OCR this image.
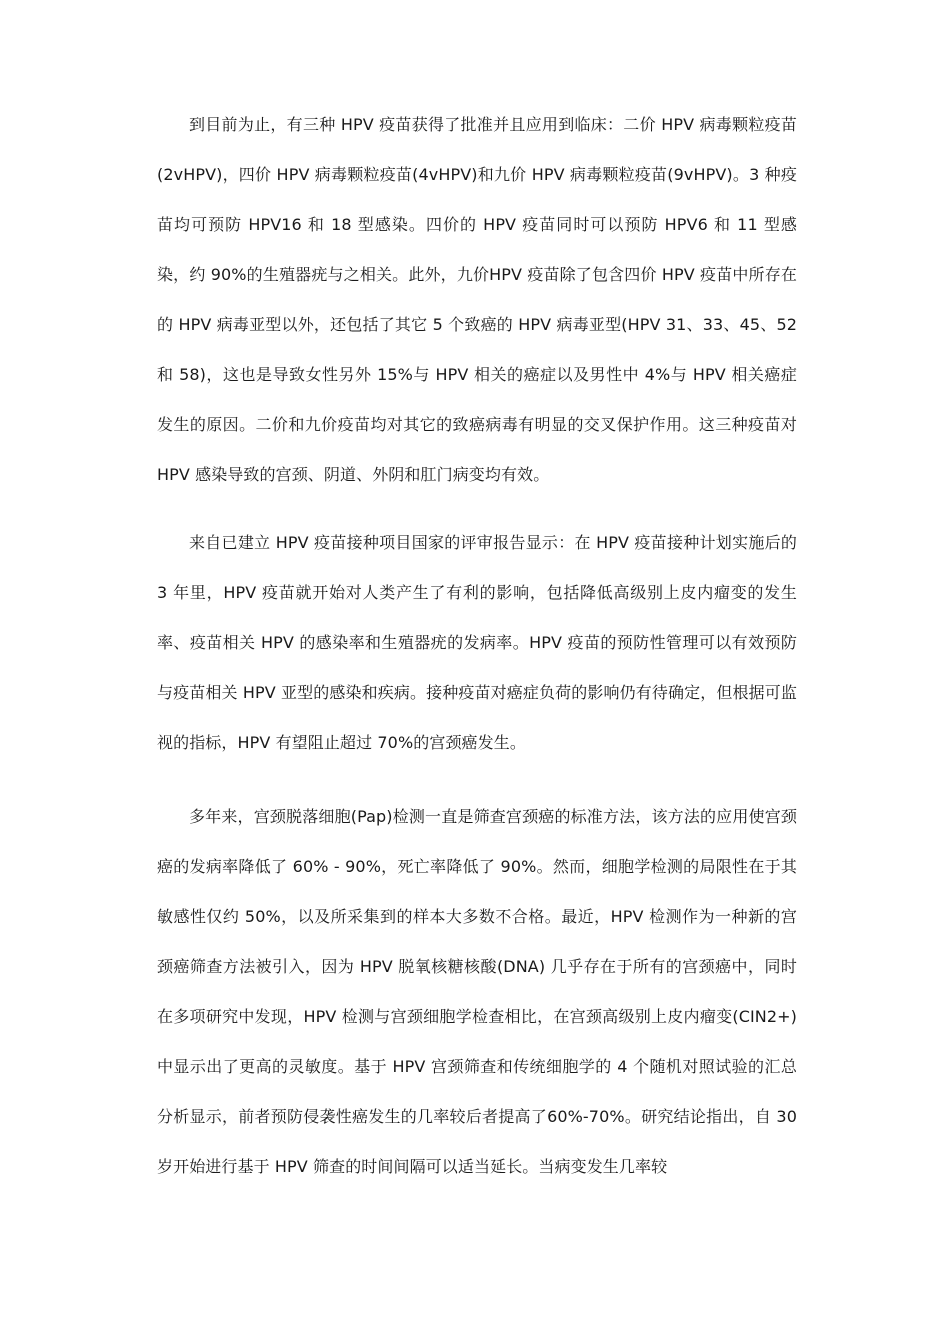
到目前为止，有三种 HPV 疫苗获得了批准并且应用到临床：二价 HPV 病毒颗粒疫苗(2vHPV)，四价 HPV 病毒颗粒疫苗(4vHPV)和九价 HPV 病毒颗粒疫苗(9vHPV)。3 种疫苗均可预防 HPV16 和 18 型感染。四价的 HPV 疫苗同时可以预防 HPV6 和 11 型感染，约 90%的生殖器疣与之相关。此外，九价HPV 疫苗除了包含四价 HPV 疫苗中所存在的 HPV 病毒亚型以外，还包括了其它 5 个致癌的 HPV 病毒亚型(HPV 31、33、45、52 和 58)，这也是导致女性另外 15%与 HPV 相关的癌症以及男性中 4%与 HPV 相关癌症发生的原因。二价和九价疫苗均对其它的致癌病毒有明显的交叉保护作用。这三种疫苗对 HPV 感染导致的宫颈、阴道、外阴和肛门病变均有效。

来自已建立 HPV 疫苗接种项目国家的评审报告显示：在 HPV 疫苗接种计划实施后的 3 年里，HPV 疫苗就开始对人类产生了有利的影响，包括降低高级别上皮内瘤变的发生率、疫苗相关 HPV 的感染率和生殖器疣的发病率。HPV 疫苗的预防性管理可以有效预防与疫苗相关 HPV 亚型的感染和疾病。接种疫苗对癌症负荷的影响仍有待确定，但根据可监视的指标，HPV 有望阻止超过 70%的宫颈癌发生。

多年来，宫颈脱落细胞(Pap)检测一直是筛查宫颈癌的标准方法，该方法的应用使宫颈癌的发病率降低了 60% - 90%，死亡率降低了 90%。然而，细胞学检测的局限性在于其敏感性仅约 50%，以及所采集到的样本大多数不合格。最近，HPV 检测作为一种新的宫颈癌筛查方法被引入，因为 HPV 脱氧核糖核酸(DNA) 几乎存在于所有的宫颈癌中，同时在多项研究中发现，HPV 检测与宫颈细胞学检查相比，在宫颈高级别上皮内瘤变(CIN2+)中显示出了更高的灵敏度。基于 HPV 宫颈筛查和传统细胞学的 4 个随机对照试验的汇总分析显示，前者预防侵袭性癌发生的几率较后者提高了60%-70%。研究结论指出，自 30 岁开始进行基于 HPV 筛查的时间间隔可以适当延长。当病变发生几率较
